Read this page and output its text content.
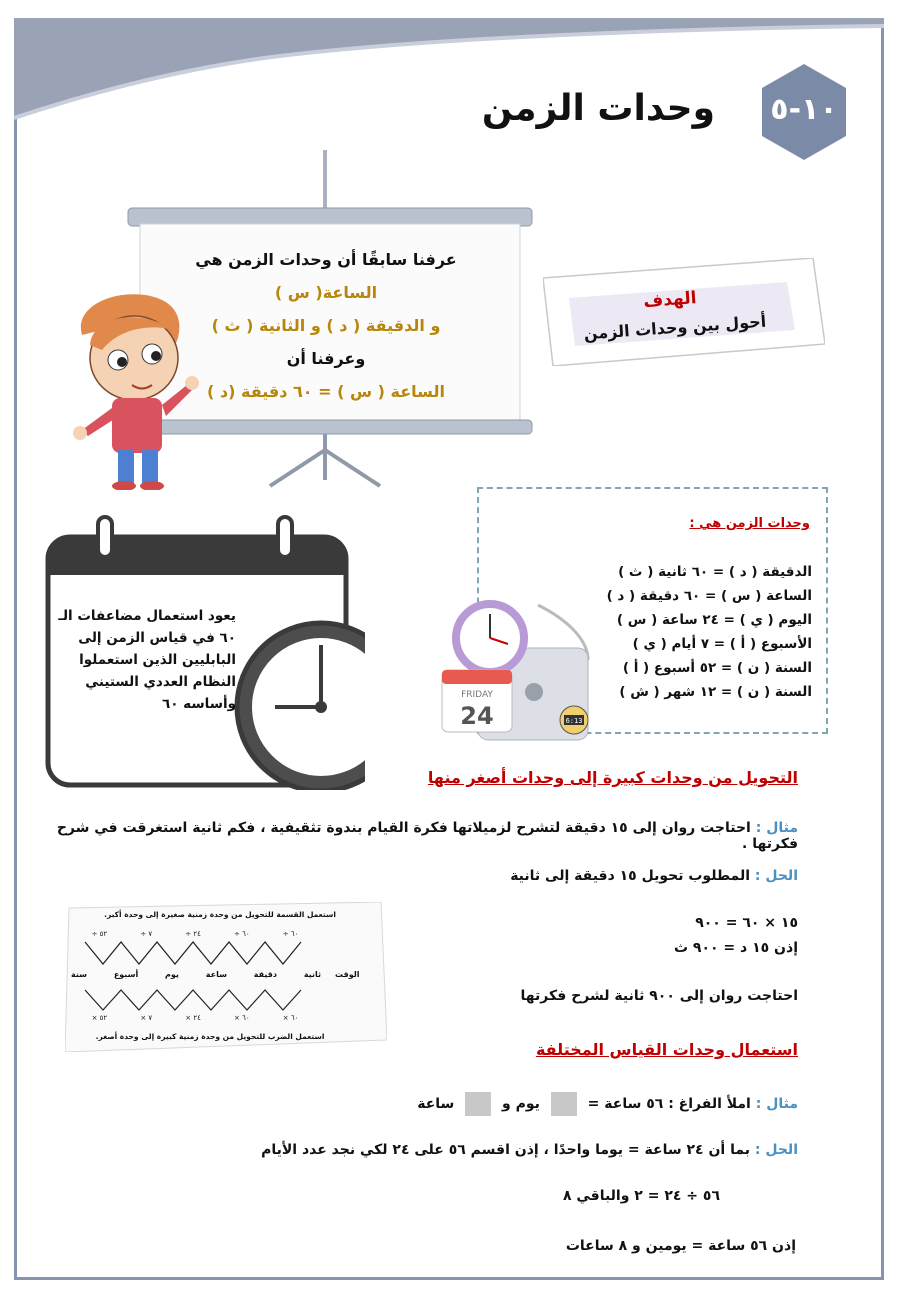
١٠-٥
وحدات الزمن
عرفنا سابقًا أن وحدات الزمن هي
الساعة( س )
و الدقيقة ( د ) و الثانية ( ث )
وعرفنا أن
الساعة ( س ) = ٦٠ دقيقة (د )
الهدف
أحول بين وحدات الزمن
يعود استعمال مضاعفات الـ ٦٠ في قياس الزمن إلى البابليين الذين استعملوا النظام العددي الستيني وأساسه ٦٠
وحدات الزمن هي :
الدقيقة ( د ) = ٦٠ ثانية ( ث )
الساعة ( س ) = ٦٠ دقيقة ( د )
اليوم ( ي ) = ٢٤ ساعة ( س )
الأسبوع ( أ ) = ٧ أيام ( ي )
السنة ( ن ) = ٥٢ أسبوع ( أ )
السنة ( ن ) = ١٢ شهر ( ش )
FRIDAY
24	6:13
التحويل من وحدات كبيرة إلى وحدات أصغر منها
مثال : احتاجت روان إلى ١٥ دقيقة لتشرح لزميلاتها فكرة القيام بندوة تثقيفية ، فكم ثانية استغرقت في شرح فكرتها .
الحل : المطلوب تحويل ١٥ دقيقة إلى ثانية
١٥ × ٦٠ = ٩٠٠
إذن ١٥ د = ٩٠٠ ث
احتاجت روان إلى ٩٠٠ ثانية لشرح فكرتها
استعمل القسمة للتحويل من وحدة زمنية صغيرة إلى وحدة أكبر.
÷ ٦٠
÷ ٦٠
÷ ٢٤
÷ ٧
÷ ٥٢
ثانية
دقيقة
ساعة
يوم
أسبوع
سنة	الوقت
× ٦٠
× ٦٠
× ٢٤
× ٧
× ٥٢
استعمل الضرب للتحويل من وحدة زمنية كبيرة إلى وحدة أصغر.
استعمال وحدات القياس المختلفة
مثال : املأ الفراغ : ٥٦ ساعة =  يوم و  ساعة
الحل : بما أن ٢٤ ساعة = يوما واحدًا ، إذن اقسم ٥٦ على ٢٤ لكي نجد عدد الأيام
٥٦ ÷ ٢٤ = ٢ والباقي ٨
إذن ٥٦ ساعة = يومين و ٨ ساعات
